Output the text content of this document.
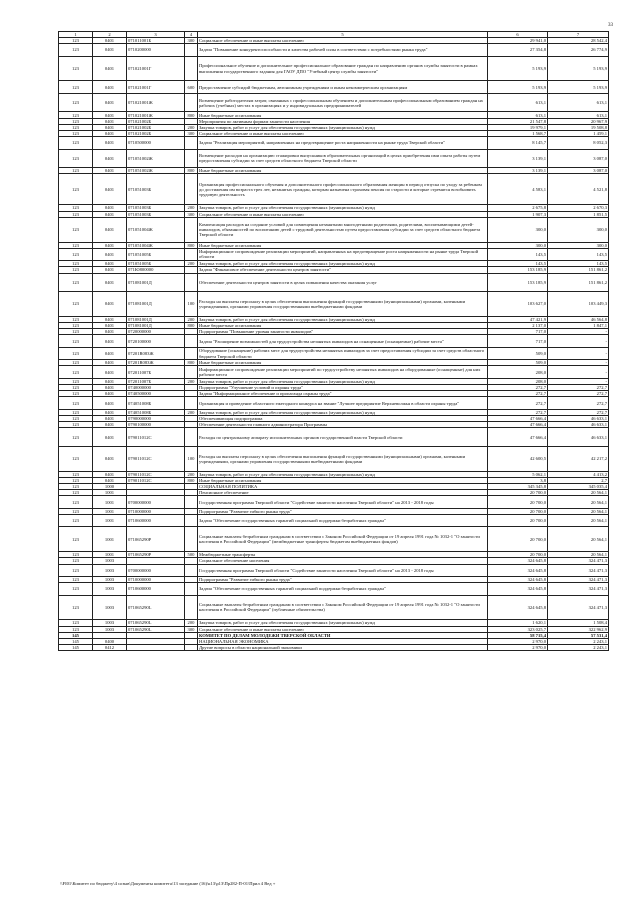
33
1	2	3	4	5	6	7
123	0401	071011001Б	300	Социальное обеспечение и иные выплаты населению	29 941,0	28 542,4
123	0401	0710200000		Задача "Повышение конкурентоспособности и качества рабочей силы в соответствии с потребностями рынка труда"	27 354,8	26 774,9
123	0401	071021001Г		Профессиональное обучение и дополнительное профессиональное образование граждан по направлению органов службы занятости в рамках выполнения государственного задания для ГАОУ ДПО "Учебный центр службы занятости"	5 193,9	5 193,9
123	0401	071021001Г	600	Предоставление субсидий бюджетным, автономным учреждениям и иным некоммерческим организациям	5 193,9	5 193,9
123	0401	071021001Ж		Возмещение работодателям затрат, связанных с профессиональным обучением и дополнительным профессиональным образованием граждан на рабочих (учебных) местах в организациях и у индивидуальных предпринимателей	613,1	613,1
123	0401	071021001Ж	800	Иные бюджетные ассигнования	613,1	613,1
123	0401	071021002Б		Мероприятия по активным формам занятости населения	21 547,8	20 967,9
123	0401	071021002Б	200	Закупка товаров, работ и услуг для обеспечения государственных (муниципальных) нужд	19 979,1	19 508,8
123	0401	071021002Б	300	Социальное обеспечение и иные выплаты населению	1 568,7	1 459,1
123	0401	0710500000		Задача "Реализация мероприятий, направленных на предотвращение роста напряженности на рынке труда Тверской области"	8 145,7	8 052,3
123	0401	071051002Ж		Возмещение расходов на организацию стажировки выпускников образовательных организаций в целях приобретения ими опыта работы путем предоставления субсидии за счет средств областного бюджета Тверской области	3 139,1	3 087,0
123	0401	071051002Ж	800	Иные бюджетные ассигнования	3 139,1	3 087,0
123	0401	071051003Б		Организация профессионального обучения и дополнительного профессионального образования женщин в период отпуска по уходу за ребенком до достижения им возраста трех лет, незанятых граждан, которым назначена страховая пенсия по старости и которые стремятся возобновить трудовую деятельность	4 583,1	4 521,8
123	0401	071051003Б	200	Закупка товаров, работ и услуг для обеспечения государственных (муниципальных) нужд	2 675,8	2 670,3
123	0401	071051003Б	300	Социальное обеспечение и иные выплаты населению	1 907,3	1 851,5
123	0401	071051004Ж		Компенсация расходов на создание условий для совмещения незанятыми многодетными родителями, родителями, воспитывающими детей-инвалидов, обязанностей по воспитанию детей с трудовой деятельностью путем предоставления субсидии за счет средств областного бюджета Тверской области	300,0	300,0
123	0401	071051004Ж	800	Иные бюджетные ассигнования	300,0	300,0
123	0401	071051005Б		Информационное сопровождение реализации мероприятий, направленных на предотвращение роста напряженности на рынке труда Тверской области	143,5	143,5
123	0401	071051005Б	200	Закупка товаров, работ и услуг для обеспечения государственных (муниципальных) нужд	143,5	143,5
123	0401	071Ю800000		Задача "Финансовое обеспечение деятельности центров занятости"	153 185,9	151 861,2
123	0401	071081001Д		Обеспечение деятельности центров занятости в целях повышения качества оказания услуг	153 185,9	151 861,2
123	0401	071081001Д	100	Расходы на выплаты персоналу в целях обеспечения выполнения функций государственными (муниципальными) органами, казенными учреждениями, органами управления государственными внебюджетными фондами	103 627,0	103 449,3
123	0401	071081001Д	200	Закупка товаров, работ и услуг для обеспечения государственных (муниципальных) нужд	47 421,9	46 564,8
123	0401	071081001Д	800	Иные бюджетные ассигнования	2 137,0	1 847,1
123	0401	0720000000		Подпрограмма "Повышение уровня занятости инвалидов"	717,0	-
123	0401	0720100000		Задача "Расширение возможностей для трудоустройства незанятых инвалидов на оснащенные (оснащаемые) рабочие места"	717,0	-
123	0401	07201R083Ж		Оборудование (оснащение) рабочих мест для трудоустройства незанятых инвалидов за счет предоставления субсидии за счет средств областного бюджета Тверской области	509,0	-
123	0401	07201R083Ж	800	Иные бюджетные ассигнования	509,0	-
123	0401	072011007Б		Информационное сопровождение реализации мероприятий по трудоустройству незанятых инвалидов на оборудованные (оснащенные) для них рабочие места	208,0	-
123	0401	072011007Б	200	Закупка товаров, работ и услуг для обеспечения государственных (муниципальных) нужд	208,0	-
123	0401	0740000000		Подпрограмма "Улучшение условий и охраны труда"	272,7	272,7
123	0401	0740500000		Задача "Информационное обеспечение и пропаганда охраны труда"	272,7	272,7
123	0401	074051008Б		Организация и проведение областного ежегодного конкурса на звание "Лучшее предприятие Верхневолжья в области охраны труда"	272,7	272,7
123	0401	074051008Б	200	Закупка товаров, работ и услуг для обеспечения государственных (муниципальных) нужд	272,7	272,7
123	0401	0790000000		Обеспечивающая подпрограмма	47 666,4	46 633,1
123	0401	0790100000		Обеспечение деятельности главного администратора Программы	47 666,4	46 633,1
123	0401	079011012С		Расходы по центральному аппарату исполнительных органов государственной власти Тверской области	47 666,4	46 633,1
123	0401	079011012С	100	Расходы на выплаты персоналу в целях обеспечения выполнения функций государственными (муниципальными) органами, казенными учреждениями, органами управления государственными внебюджетными фондами	42 600,5	42 217,2
123	0401	079011012С	200	Закупка товаров, работ и услуг для обеспечения государственных (муниципальных) нужд	5 062,1	4 413,2
123	0401	079011012С	800	Иные бюджетные ассигнования	3,8	2,7
123	1000			СОЦИАЛЬНАЯ ПОЛИТИКА	345 345,8	345 035,4
123	1001			Пенсионное обеспечение	20 700,0	20 564,1
123	1001	0700000000		Государственная программа Тверской области "Содействие занятости населения Тверской области" на 2013 - 2018 годы	20 700,0	20 564,1
123	1001	0710000000		Подпрограмма "Развитие гибкого рынка труда"	20 700,0	20 564,1
123	1001	0710600000		Задача "Обеспечение государственных гарантий социальной поддержки безработных граждан"	20 700,0	20 564,1
123	1001	071065290Р		Социальные выплаты безработным гражданам в соответствии с Законом Российской Федерации от 19 апреля 1991 года № 1032-1 "О занятости населения в Российской Федерации" (межбюджетные трансферты бюджетам внебюджетных фондов)	20 700,0	20 564,1
123	1001	071065290Р	500	Межбюджетные трансферты	20 700,0	20 564,1
123	1003			Социальное обеспечение населения	324 645,8	324 471,3
123	1003	0700000000		Государственная программа Тверской области "Содействие занятости населения Тверской области" на 2013 - 2018 годы	324 645,8	324 471,3
123	1003	0710000000		Подпрограмма "Развитие гибкого рынка труда"	324 645,8	324 471,3
123	1003	0710600000		Задача "Обеспечение государственных гарантий социальной поддержки безработных граждан"	324 645,8	324 471,3
123	1003	071065290L		Социальные выплаты безработным гражданам в соответствии с Законом Российской Федерации от 19 апреля 1991 года № 1032-1 "О занятости населения в Российской Федерации" (публичные обязательства)	324 645,8	324 471,3
123	1003	071065290L	200	Закупка товаров, работ и услуг для обеспечения государственных (муниципальных) нужд	1 620,1	1 508,4
123	1003	071065290L	300	Социальное обеспечение и иные выплаты населению	323 025,7	322 962,9
145				КОМИТЕТ ПО ДЕЛАМ МОЛОДЕЖИ ТВЕРСКОЙ ОБЛАСТИ	58 715,4	57 531,4
145	0400			НАЦИОНАЛЬНАЯ ЭКОНОМИКА	2 970,0	2 243,1
145	0412			Другие вопросы в области национальной экономики	2 970,0	2 243,1
\\FI01\Комитет по бюджету\4 созыв\Документы комитета\13 заседание (16)\к13\р13\Пр282-П-01\Прил 4 Вед +
